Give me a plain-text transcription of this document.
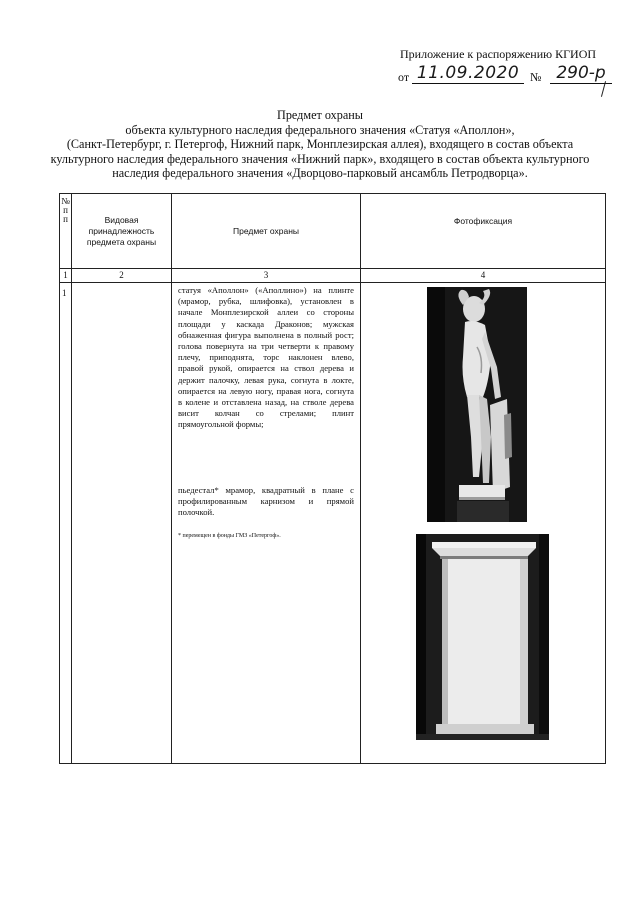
Приложение к распоряжению КГИОП
от 11.09.2020 № 290-р
Предмет охраны
объекта культурного наследия федерального значения «Статуя «Аполлон»,
(Санкт-Петербург, г. Петергоф, Нижний парк, Монплезирская аллея), входящего в состав объекта
культурного наследия федерального значения «Нижний парк», входящего в состав объекта культурного
наследия федерального значения «Дворцово-парковый ансамбль Петродворца».
№ п п	Видовая принадлежность предмета охраны	Предмет охраны	Фотофиксация
1	2	3	4
1		статуя «Аполлон» («Аполлино») на плинте (мрамор, рубка, шлифовка), установлен в начале Монплезирской аллеи со стороны площади у каскада Драконов; мужская обнаженная фигура выполнена в полный рост; голова повернута на три четверти к правому плечу, приподнята, торс наклонен влево, правой рукой, опирается на ствол дерева и держит палочку, левая рука, согнута в локте, опирается на левую ногу, правая нога, согнута в колене и отставлена назад, на стволе дерева висит колчан со стрелами; плинт прямоугольной формы;

пьедестал* мрамор, квадратный в плане с профилированным карнизом и прямой полочкой.

* перемещен в фонды ГМЗ «Петергоф».
